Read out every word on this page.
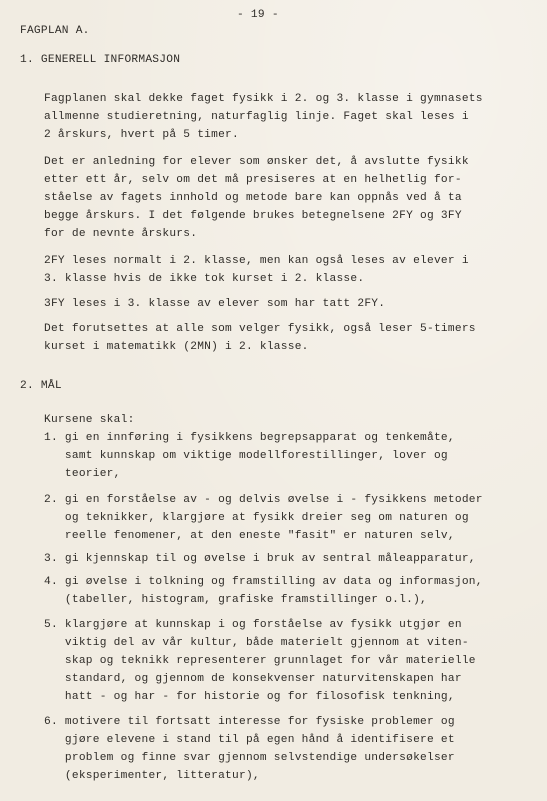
FAGPLAN A.
- 19 -
1. GENERELL INFORMASJON
Fagplanen skal dekke faget fysikk i 2. og 3. klasse i gymnasets
allmenne studieretning, naturfaglig linje. Faget skal leses i
2 årskurs, hvert på 5 timer.
Det er anledning for elever som ønsker det, å avslutte fysikk
etter ett år, selv om det må presiseres at en helhetlig for-
ståelse av fagets innhold og metode bare kan oppnås ved å ta
begge årskurs. I det følgende brukes betegnelsene 2FY og 3FY
for de nevnte årskurs.
2FY leses normalt i 2. klasse, men kan også leses av elever i
3. klasse hvis de ikke tok kurset i 2. klasse.
3FY leses i 3. klasse av elever som har tatt 2FY.
Det forutsettes at alle som velger fysikk, også leser 5-timers
kurset i matematikk (2MN) i 2. klasse.
2. MÅL
Kursene skal:
1. gi en innføring i fysikkens begrepsapparat og tenkemåte,
samt kunnskap om viktige modellforestillinger, lover og
teorier,
2. gi en forståelse av - og delvis øvelse i - fysikkens metoder
og teknikker, klargjøre at fysikk dreier seg om naturen og
reelle fenomener, at den eneste "fasit" er naturen selv,
3. gi kjennskap til og øvelse i bruk av sentral måleapparatur,
4. gi øvelse i tolkning og framstilling av data og informasjon,
(tabeller, histogram, grafiske framstillinger o.l.),
5. klargjøre at kunnskap i og forståelse av fysikk utgjør en
viktig del av vår kultur, både materielt gjennom at viten-
skap og teknikk representerer grunnlaget for vår materielle
standard, og gjennom de konsekvenser naturvitenskapen har
hatt - og har - for historie og for filosofisk tenkning,
6. motivere til fortsatt interesse for fysiske problemer og
gjøre elevene i stand til på egen hånd å identifisere et
problem og finne svar gjennom selvstendige undersøkelser
(eksperimenter, litteratur),
